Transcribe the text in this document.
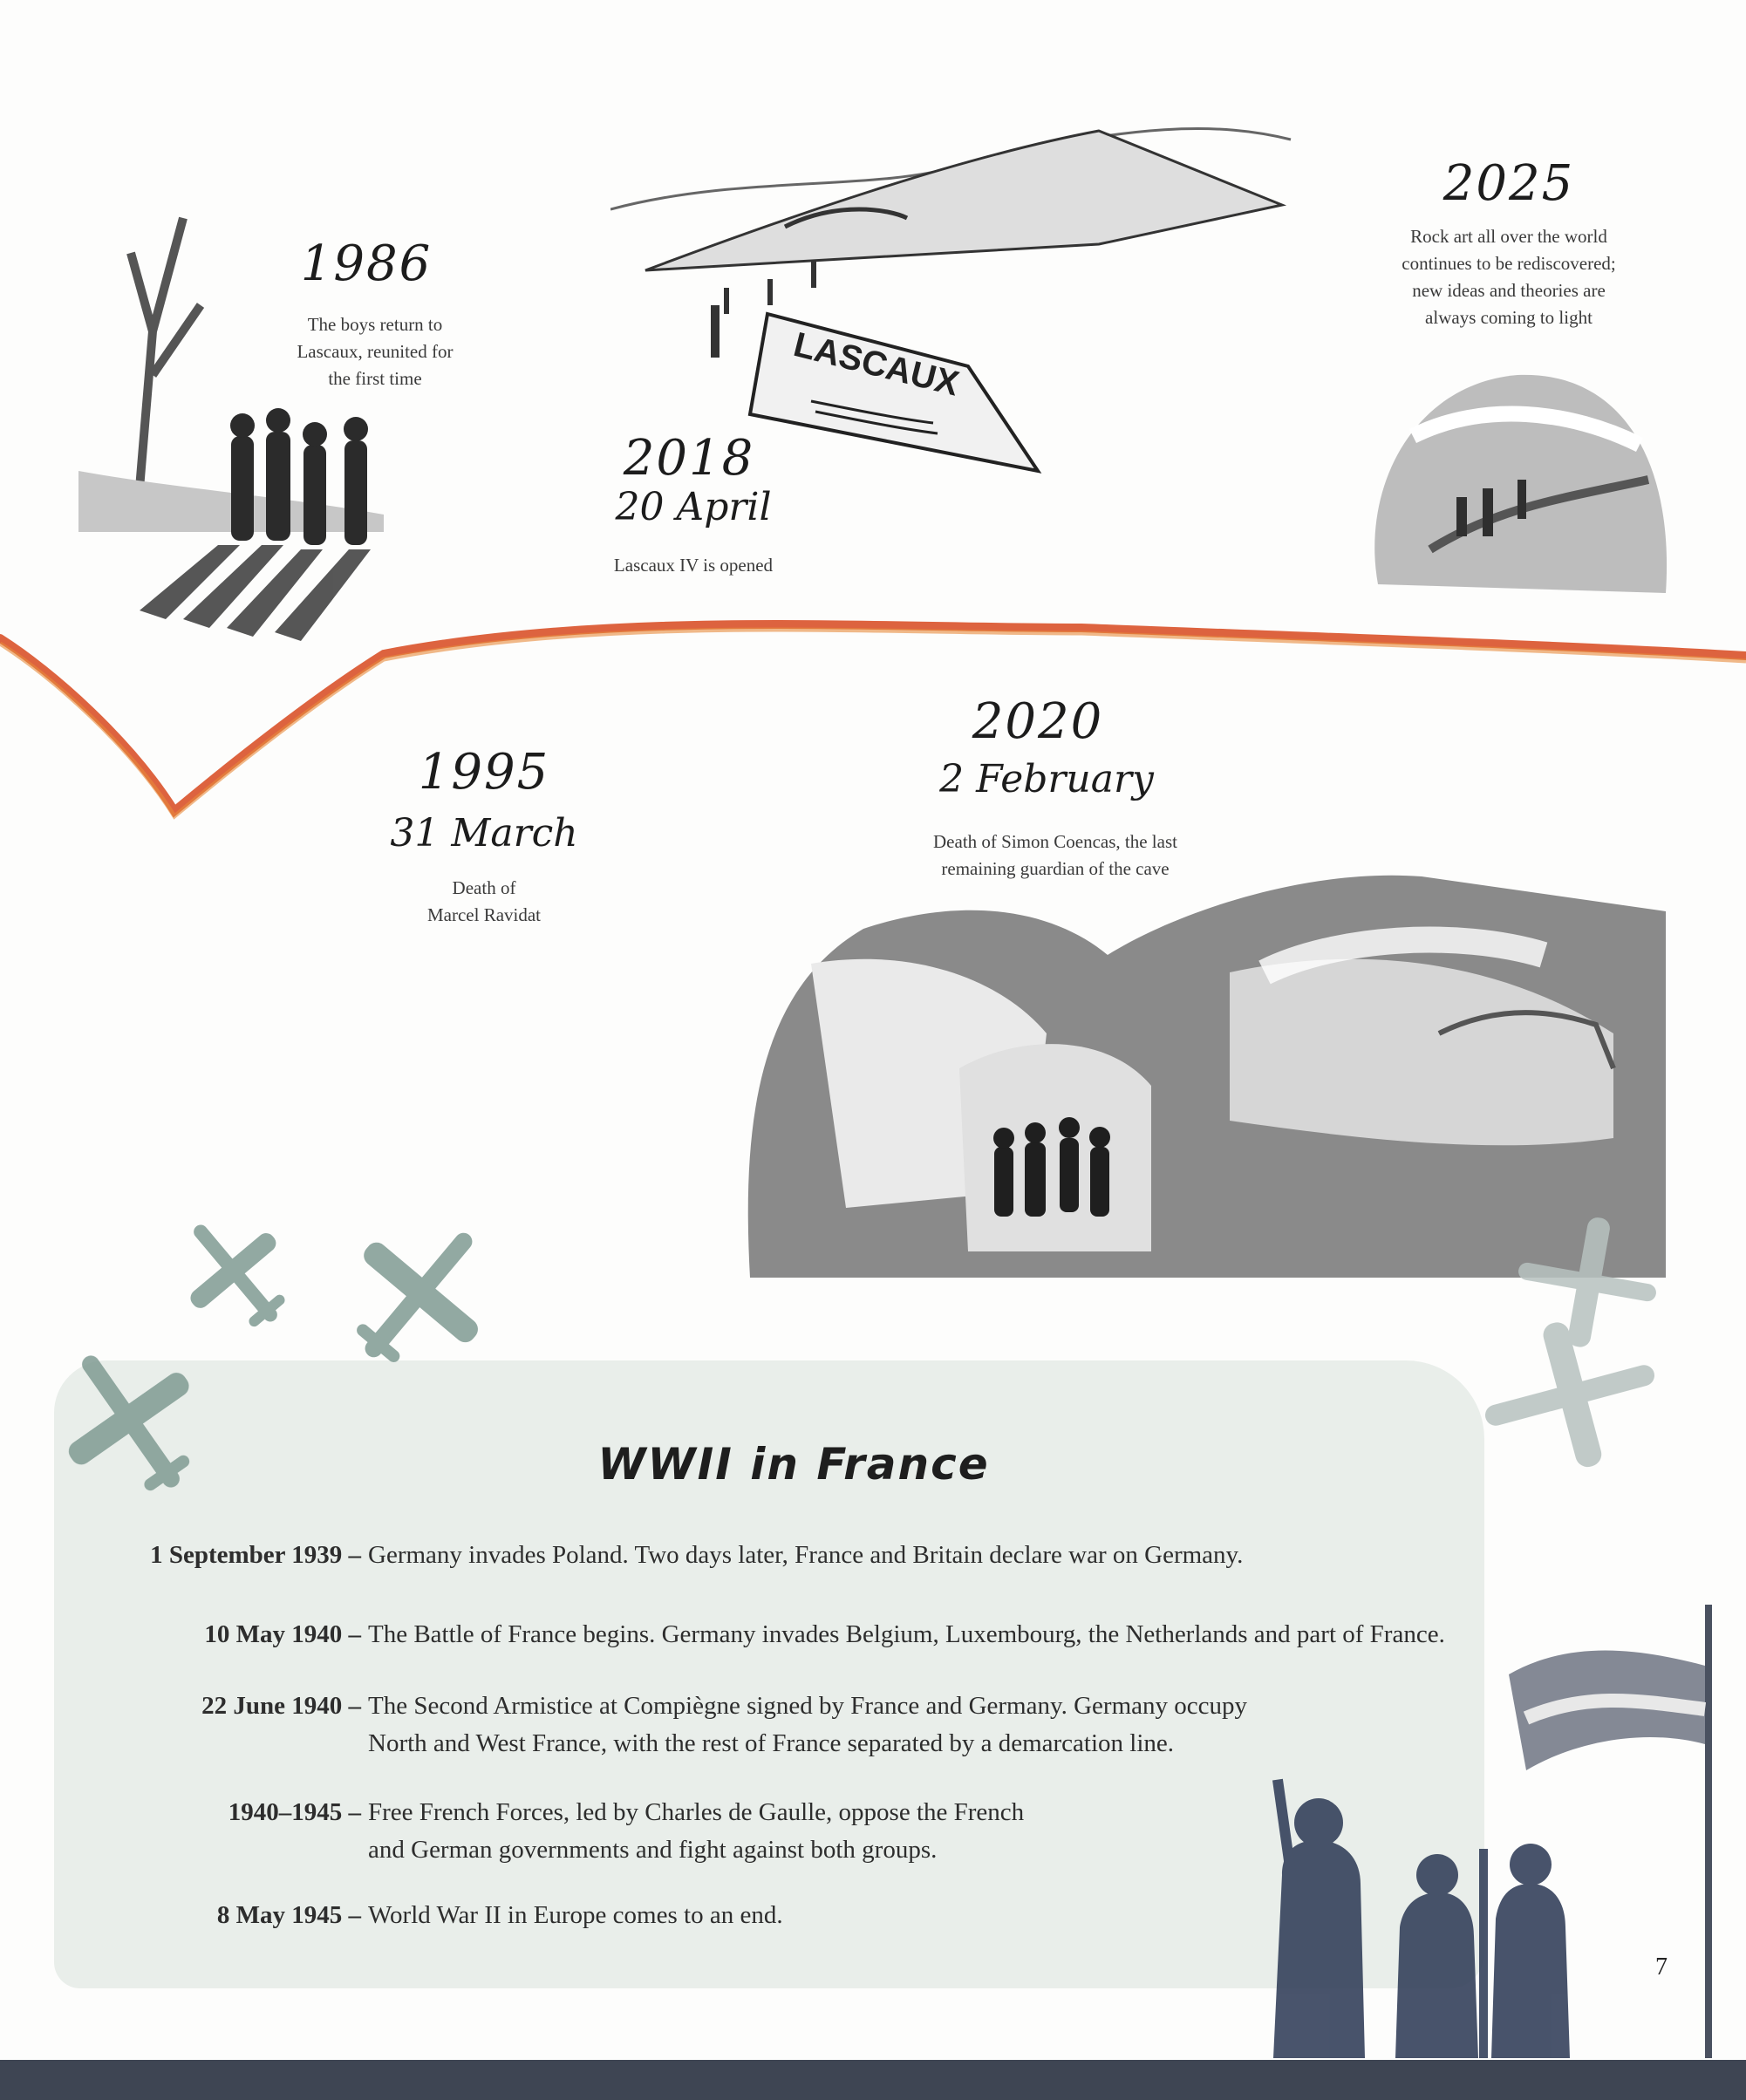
1986
The boys return to
Lascaux, reunited for
the first time	LASCAUX
2018
20 April
Lascaux IV is opened
2025
Rock art all over the world
continues to be rediscovered;
new ideas and theories are
always coming to light
1995
31 March
Death of
Marcel Ravidat
2020
2 February
Death of Simon Coencas, the last
remaining guardian of the cave
WWII in France
1 September 1939 – Germany invades Poland. Two days later, France and Britain declare war on Germany.
10 May 1940 – The Battle of France begins. Germany invades Belgium, Luxembourg, the Netherlands and part of France.
22 June 1940 – The Second Armistice at Compiègne signed by France and Germany. Germany occupy
North and West France, with the rest of France separated by a demarcation line.
1940–1945 – Free French Forces, led by Charles de Gaulle, oppose the French
and German governments and fight against both groups.
8 May 1945 – World War II in Europe comes to an end.
7
